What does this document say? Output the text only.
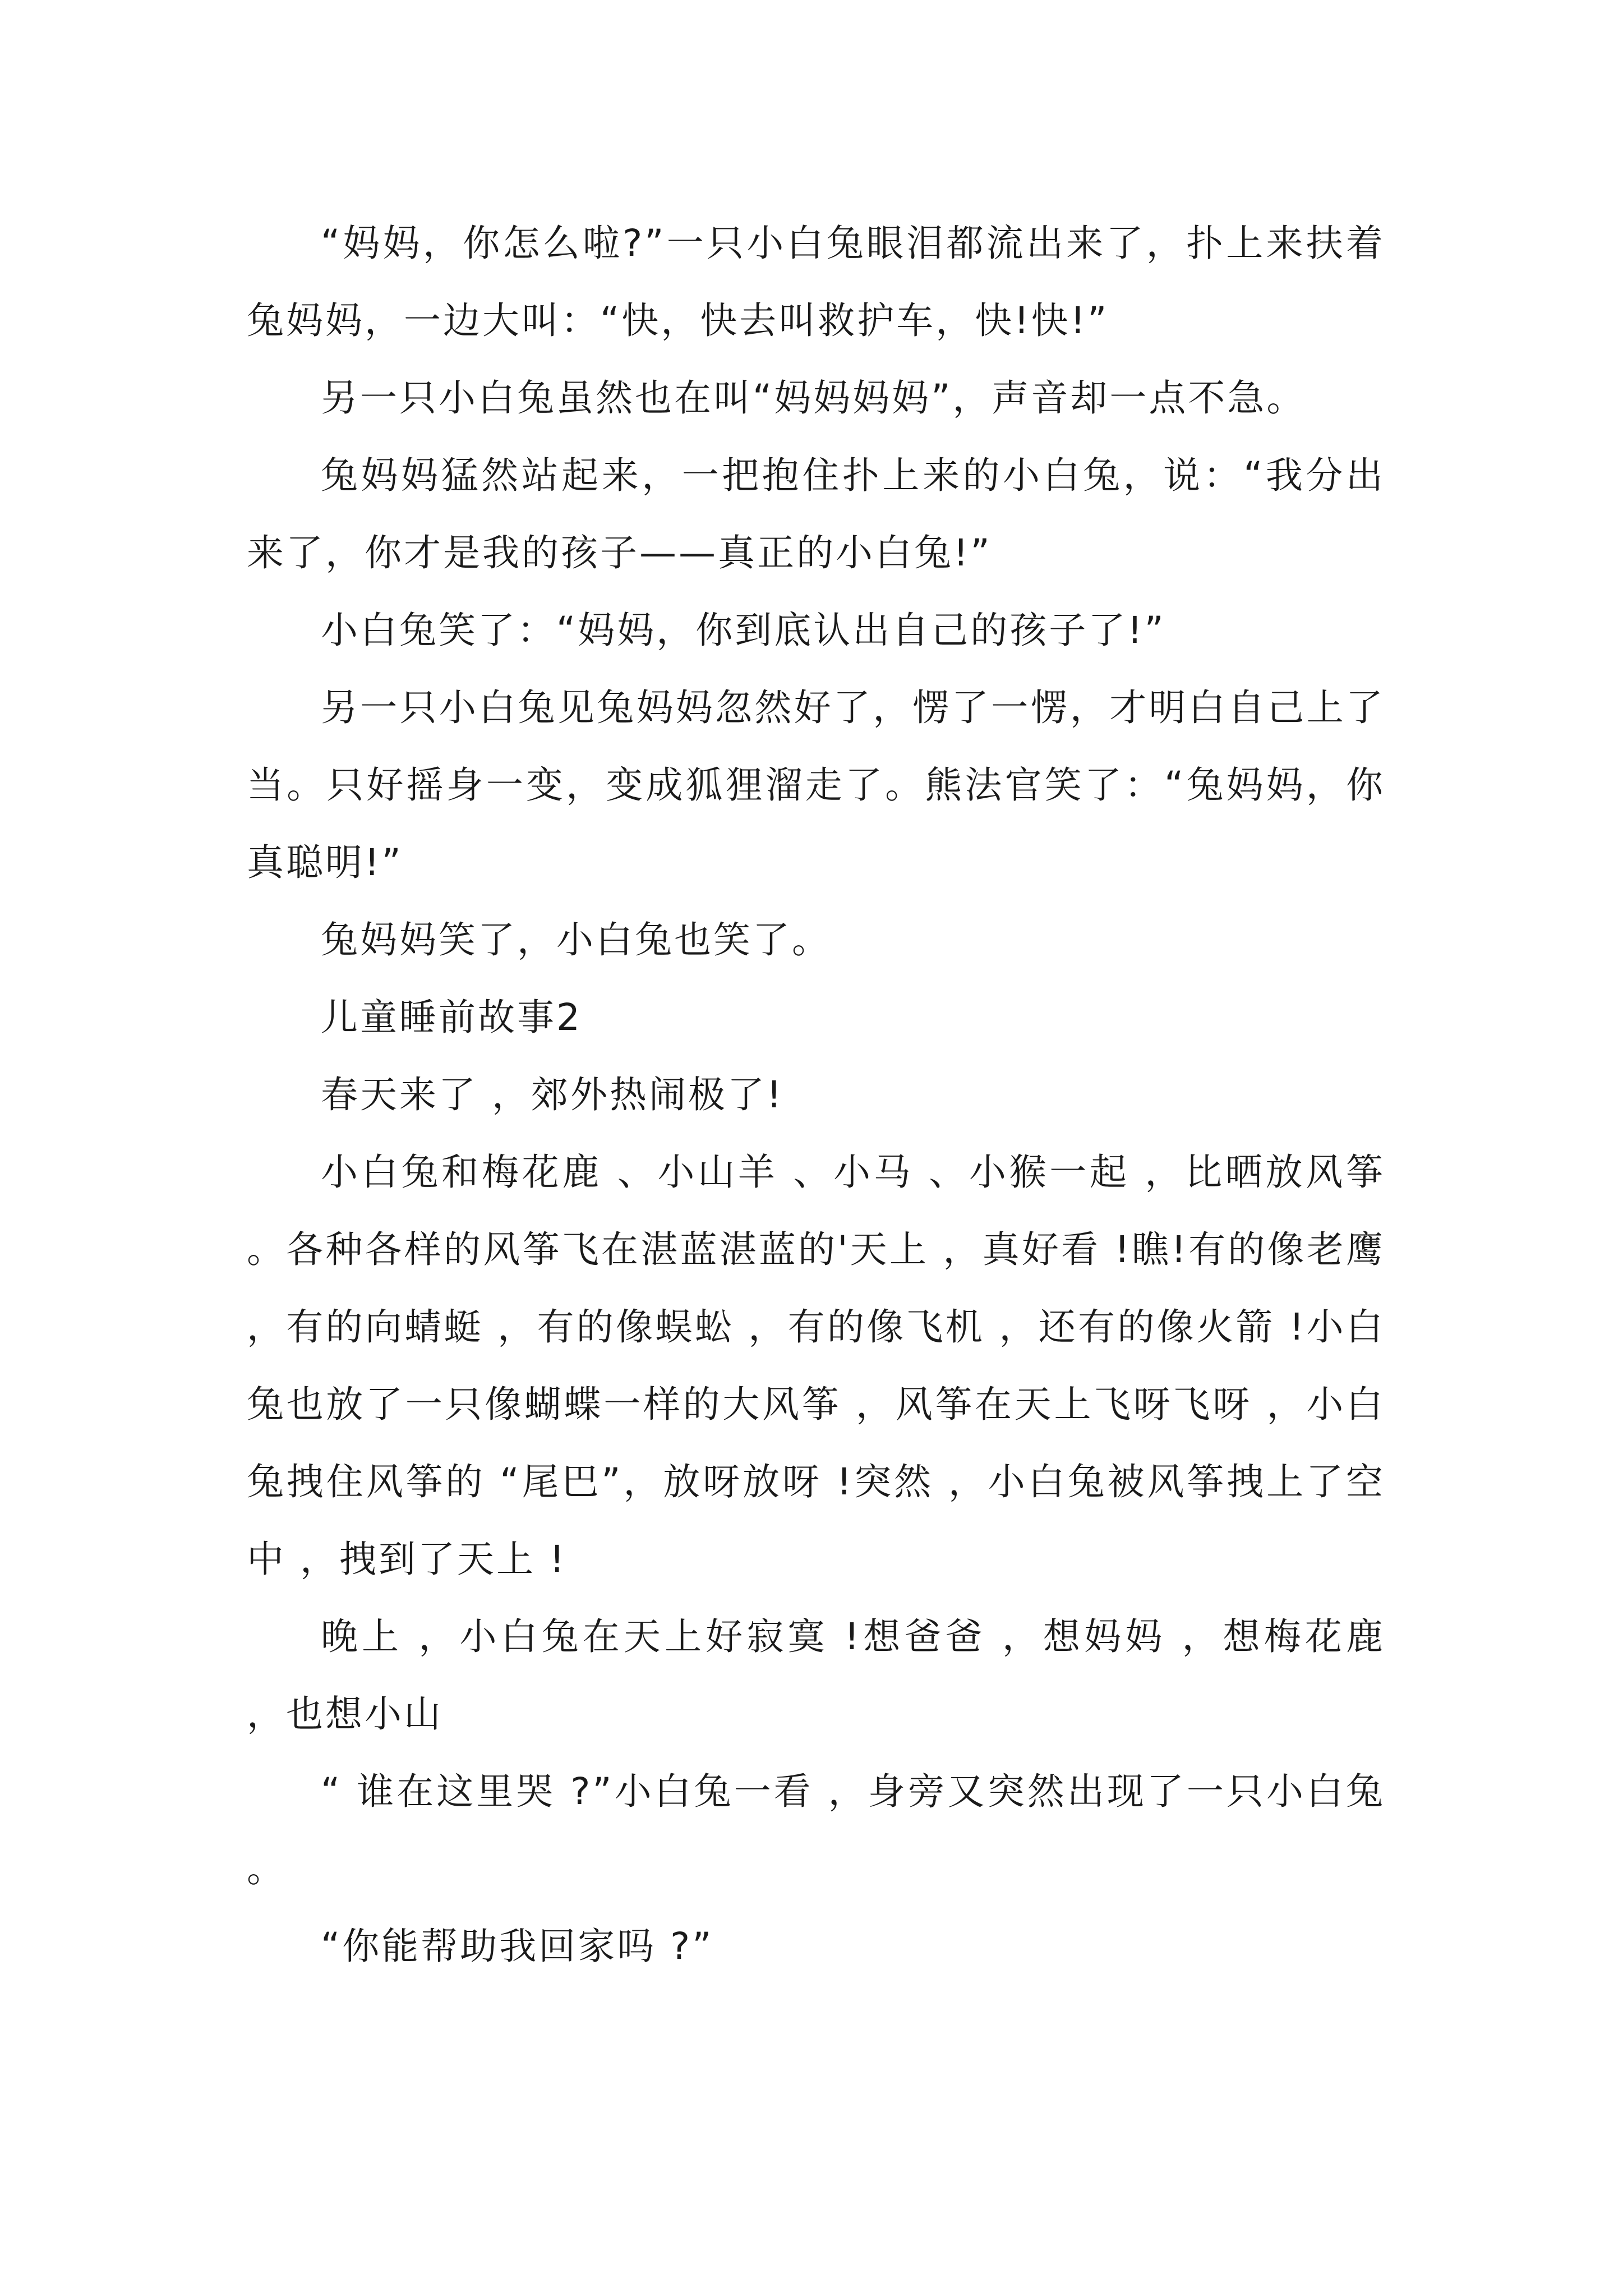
“妈妈，你怎么啦?”一只小白兔眼泪都流出来了，扑上来扶着兔妈妈，一边大叫：“快，快去叫救护车，快!快!”

另一只小白兔虽然也在叫“妈妈妈妈”，声音却一点不急。

兔妈妈猛然站起来，一把抱住扑上来的小白兔，说：“我分出来了，你才是我的孩子——真正的小白兔!”

小白兔笑了：“妈妈，你到底认出自己的孩子了!”

另一只小白兔见兔妈妈忽然好了，愣了一愣，才明白自己上了当。只好摇身一变，变成狐狸溜走了。熊法官笑了：“兔妈妈，你真聪明!”

兔妈妈笑了，小白兔也笑了。

儿童睡前故事2

春天来了 ，郊外热闹极了!

小白兔和梅花鹿 、小山羊 、小马 、小猴一起 ，比晒放风筝 。各种各样的风筝飞在湛蓝湛蓝的'天上 ，真好看 !瞧!有的像老鹰 ，有的向蜻蜓 ，有的像蜈蚣 ，有的像飞机 ，还有的像火箭 !小白兔也放了一只像蝴蝶一样的大风筝 ，风筝在天上飞呀飞呀 ，小白兔拽住风筝的 “尾巴”，放呀放呀 !突然 ，小白兔被风筝拽上了空中 ，拽到了天上 !

晚上 ，小白兔在天上好寂寞 !想爸爸 ，想妈妈 ，想梅花鹿 ，也想小山

“ 谁在这里哭 ?”小白兔一看 ，身旁又突然出现了一只小白兔 。

“你能帮助我回家吗 ?”
